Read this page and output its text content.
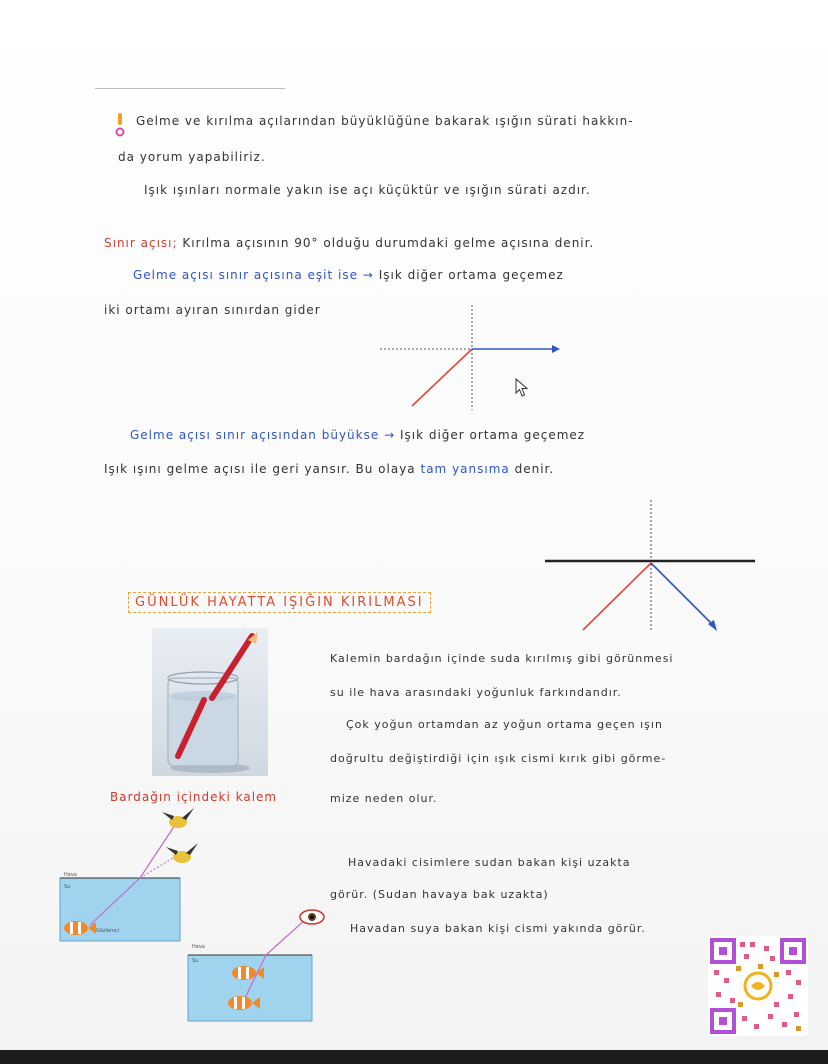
Gelme ve kırılma açılarından büyüklüğüne bakarak ışığın sürati hakkın-
da yorum yapabiliriz.
Işık ışınları normale yakın ise açı küçüktür ve ışığın sürati azdır.
Sınır açısı; Kırılma açısının 90° olduğu durumdaki gelme açısına denir.
Gelme açısı sınır açısına eşit ise → Işık diğer ortama geçemez
iki ortamı ayıran sınırdan gider
Gelme açısı sınır açısından büyükse → Işık diğer ortama geçemez
Işık ışını gelme açısı ile geri yansır. Bu olaya tam yansıma denir.
GÜNLÜK HAYATTA IŞIĞIN KIRILMASI
Bardağın içindeki kalem
Kalemin bardağın içinde suda kırılmış gibi görünmesi
su ile hava arasındaki yoğunluk farkındandır.
Çok yoğun ortamdan az yoğun ortama geçen ışın
doğrultu değiştirdiği için ışık cismi kırık gibi görme-
mize neden olur.
Havadaki cisimlere sudan bakan kişi uzakta
görür. (Sudan havaya bak uzakta)
Havadan suya bakan kişi cismi yakında görür.
Hava
Su
Gözlemci
Hava
Su
